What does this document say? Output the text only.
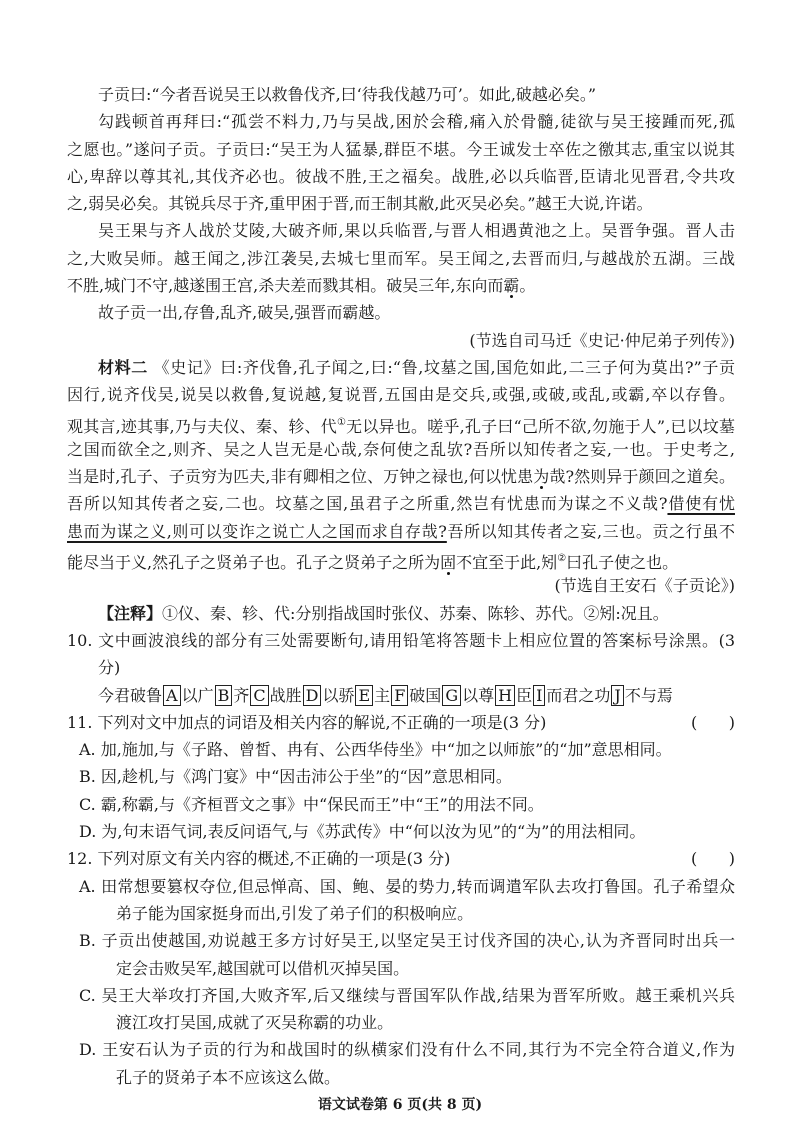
子贡曰:“今者吾说吴王以救鲁伐齐,曰‘待我伐越乃可’。如此,破越必矣。”
勾践顿首再拜曰:“孤尝不料力,乃与吴战,困於会稽,痛入於骨髓,徒欲与吴王接踵而死,孤
之愿也。”遂问子贡。子贡曰:“吴王为人猛暴,群臣不堪。今王诚发士卒佐之徼其志,重宝以说其
心,卑辞以尊其礼,其伐齐必也。彼战不胜,王之福矣。战胜,必以兵临晋,臣请北见晋君,令共攻
之,弱吴必矣。其锐兵尽于齐,重甲困于晋,而王制其敝,此灭吴必矣。”越王大说,许诺。
吴王果与齐人战於艾陵,大破齐师,果以兵临晋,与晋人相遇黄池之上。吴晋争强。晋人击
之,大败吴师。越王闻之,涉江袭吴,去城七里而军。吴王闻之,去晋而归,与越战於五湖。三战
不胜,城门不守,越遂围王宫,杀夫差而戮其相。破吴三年,东向而霸。
故子贡一出,存鲁,乱齐,破吴,强晋而霸越。
(节选自司马迁《史记·仲尼弟子列传》)
材料二 《史记》曰:齐伐鲁,孔子闻之,曰:“鲁,坟墓之国,国危如此,二三子何为莫出?”子贡
因行,说齐伐吴,说吴以救鲁,复说越,复说晋,五国由是交兵,或强,或破,或乱,或霸,卒以存鲁。
观其言,迹其事,乃与夫仪、秦、轸、代①无以异也。嗟乎,孔子曰“己所不欲,勿施于人”,已以坟墓
之国而欲全之,则齐、吴之人岂无是心哉,奈何使之乱欤?吾所以知传者之妄,一也。于史考之,
当是时,孔子、子贡穷为匹夫,非有卿相之位、万钟之禄也,何以忧患为哉?然则异于颜回之道矣。
吾所以知其传者之妄,二也。坟墓之国,虽君子之所重,然岂有忧患而为谋之不义哉?借使有忧
患而为谋之义,则可以变诈之说亡人之国而求自存哉?吾所以知其传者之妄,三也。贡之行虽不
能尽当于义,然孔子之贤弟子也。孔子之贤弟子之所为固不宜至于此,矧②曰孔子使之也。
(节选自王安石《子贡论》)
【注释】①仪、秦、轸、代:分别指战国时张仪、苏秦、陈轸、苏代。②矧:况且。
10. 文中画波浪线的部分有三处需要断句,请用铅笔将答题卡上相应位置的答案标号涂黑。(3
分)
今君破鲁 A 以广 B 齐 C 战胜 D 以骄 E 主 F 破国 G 以尊 H 臣 I 而君之功 J 不与焉
( )
11. 下列对文中加点的词语及相关内容的解说,不正确的一项是(3 分)
A. 加,施加,与《子路、曾皙、冉有、公西华侍坐》中“加之以师旅”的“加”意思相同。
B. 因,趁机,与《鸿门宴》中“因击沛公于坐”的“因”意思相同。
C. 霸,称霸,与《齐桓晋文之事》中“保民而王”中“王”的用法不同。
D. 为,句末语气词,表反问语气,与《苏武传》中“何以汝为见”的“为”的用法相同。
( )
12. 下列对原文有关内容的概述,不正确的一项是(3 分)
A. 田常想要篡权夺位,但忌惮高、国、鲍、晏的势力,转而调遣军队去攻打鲁国。孔子希望众
弟子能为国家挺身而出,引发了弟子们的积极响应。
B. 子贡出使越国,劝说越王多方讨好吴王,以坚定吴王讨伐齐国的决心,认为齐晋同时出兵一
定会击败吴军,越国就可以借机灭掉吴国。
C. 吴王大举攻打齐国,大败齐军,后又继续与晋国军队作战,结果为晋军所败。越王乘机兴兵
渡江攻打吴国,成就了灭吴称霸的功业。
D. 王安石认为子贡的行为和战国时的纵横家们没有什么不同,其行为不完全符合道义,作为
孔子的贤弟子本不应该这么做。
语文试卷第 6 页(共 8 页)
